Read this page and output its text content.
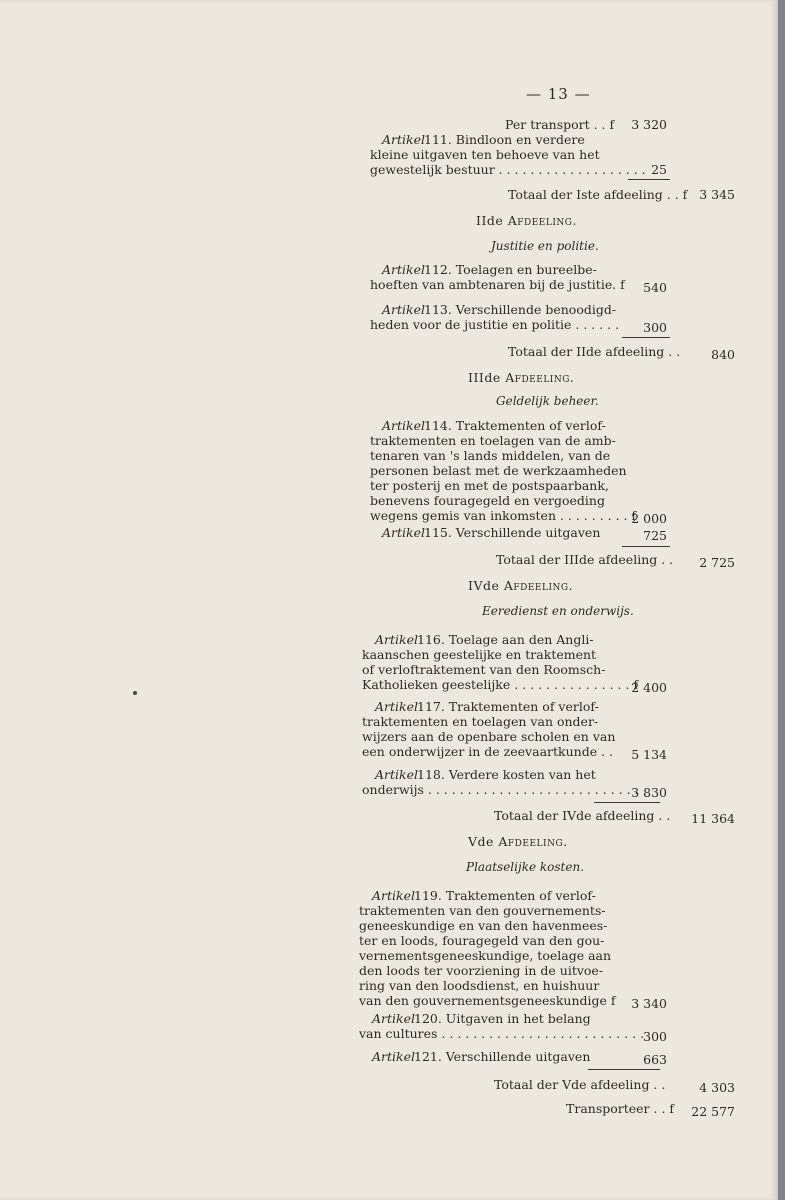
— 13 —
Per transport . . f
Artikel 111. Bindloon en verdere
kleine uitgaven ten behoeve van het
gewestelijk bestuur . . . . . . . . . . . . . . . . . . .
Totaal der Iste afdeeling . . f
IIde Afdeeling.
Justitie en politie.
Artikel 112. Toelagen en bureelbe-
hoeften van ambtenaren bij de justitie. f
Artikel 113. Verschillende benoodigd-
heden voor de justitie en politie . . . . . .
Totaal der IIde afdeeling . .
IIIde Afdeeling.
Geldelijk beheer.
Artikel 114. Traktementen of verlof-
traktementen en toelagen van de amb-
tenaren van 's lands middelen, van de
personen belast met de werkzaamheden
ter posterij en met de postspaarbank,
benevens fouragegeld en vergoeding
wegens gemis van inkomsten . . . . . . . . . f
Artikel 115. Verschillende uitgaven
Totaal der IIIde afdeeling . .
IVde Afdeeling.
Eeredienst en onderwijs.
Artikel 116. Toelage aan den Angli-
kaanschen geestelijke en traktement
of verloftraktement van den Roomsch-
Katholieken geestelijke . . . . . . . . . . . . . . . f
Artikel 117. Traktementen of verlof-
traktementen en toelagen van onder-
wijzers aan de openbare scholen en van
een onderwijzer in de zeevaartkunde . .
Artikel 118. Verdere kosten van het
onderwijs . . . . . . . . . . . . . . . . . . . . . . . . . . .
Totaal der IVde afdeeling . .
Vde Afdeeling.
Plaatselijke kosten.
Artikel 119. Traktementen of verlof-
traktementen van den gouvernements-
geneeskundige en van den havenmees-
ter en loods, fouragegeld van den gou-
vernementsgeneeskundige, toelage aan
den loods ter voorziening in de uitvoe-
ring van den loodsdienst, en huishuur
van den gouvernementsgeneeskundige f
Artikel 120. Uitgaven in het belang
van cultures . . . . . . . . . . . . . . . . . . . . . . . . . .
Artikel 121. Verschillende uitgaven
Totaal der Vde afdeeling . .
Transporteer . . f
3 320
25
3 345
540
300
840
2 000
725
2 725
2 400
5 134
3 830
11 364
3 340
300
663
4 303
22 577
